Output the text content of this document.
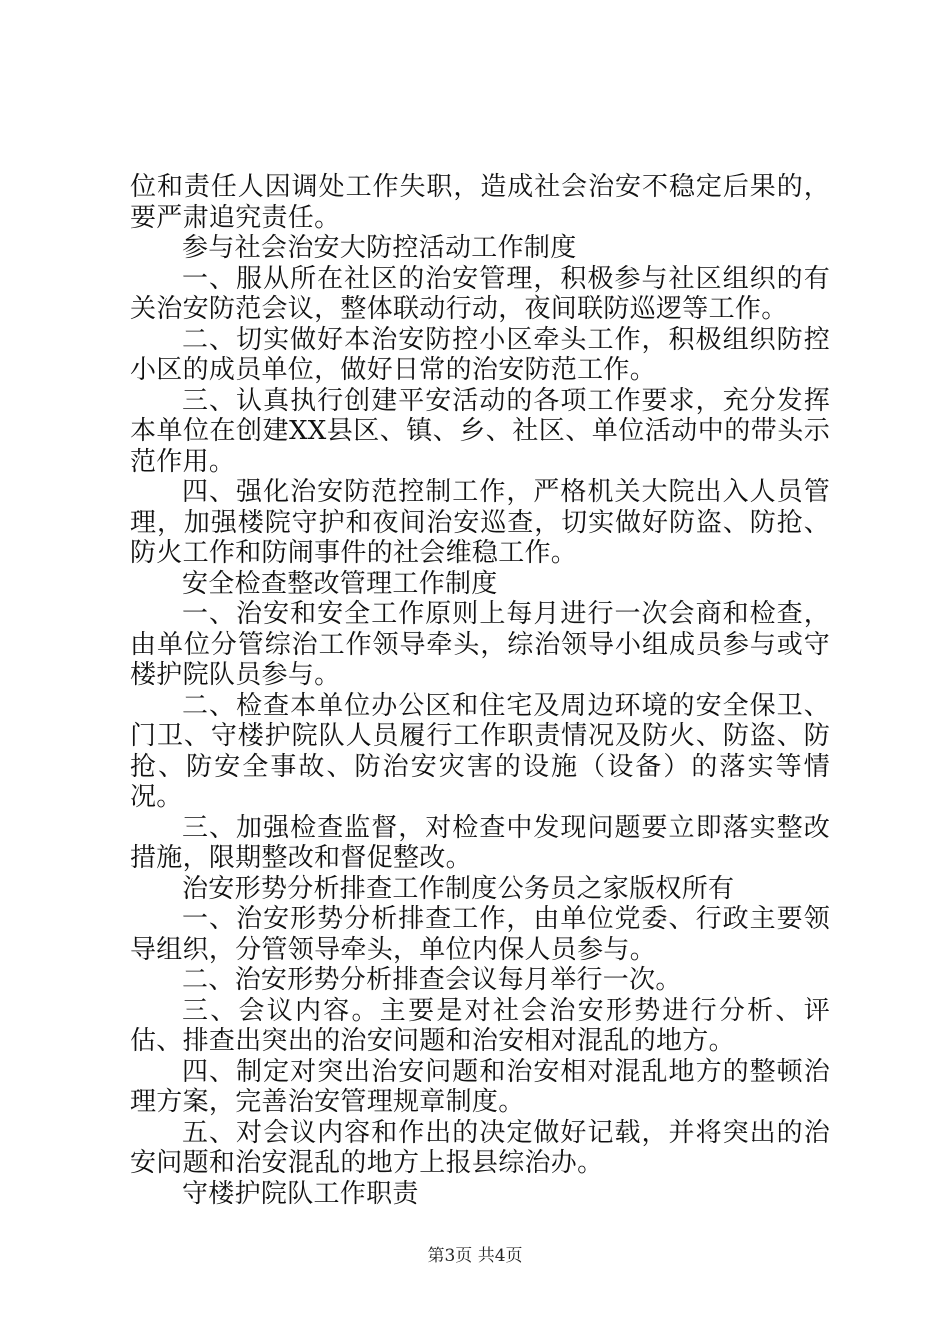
位和责任人因调处工作失职，造成社会治安不稳定后果的，要严肃追究责任。

参与社会治安大防控活动工作制度

一、服从所在社区的治安管理，积极参与社区组织的有关治安防范会议，整体联动行动，夜间联防巡逻等工作。

二、切实做好本治安防控小区牵头工作，积极组织防控小区的成员单位，做好日常的治安防范工作。

三、认真执行创建平安活动的各项工作要求，充分发挥本单位在创建XX县区、镇、乡、社区、单位活动中的带头示范作用。

四、强化治安防范控制工作，严格机关大院出入人员管理，加强楼院守护和夜间治安巡查，切实做好防盗、防抢、防火工作和防闹事件的社会维稳工作。

安全检查整改管理工作制度

一、治安和安全工作原则上每月进行一次会商和检查，由单位分管综治工作领导牵头，综治领导小组成员参与或守楼护院队员参与。

二、检查本单位办公区和住宅及周边环境的安全保卫、门卫、守楼护院队人员履行工作职责情况及防火、防盗、防抢、防安全事故、防治安灾害的设施（设备）的落实等情况。

三、加强检查监督，对检查中发现问题要立即落实整改措施，限期整改和督促整改。

治安形势分析排查工作制度公务员之家版权所有

一、治安形势分析排查工作，由单位党委、行政主要领导组织，分管领导牵头，单位内保人员参与。

二、治安形势分析排查会议每月举行一次。

三、会议内容。主要是对社会治安形势进行分析、评估、排查出突出的治安问题和治安相对混乱的地方。

四、制定对突出治安问题和治安相对混乱地方的整顿治理方案，完善治安管理规章制度。

五、对会议内容和作出的决定做好记载，并将突出的治安问题和治安混乱的地方上报县综治办。

守楼护院队工作职责

第3页 共4页
